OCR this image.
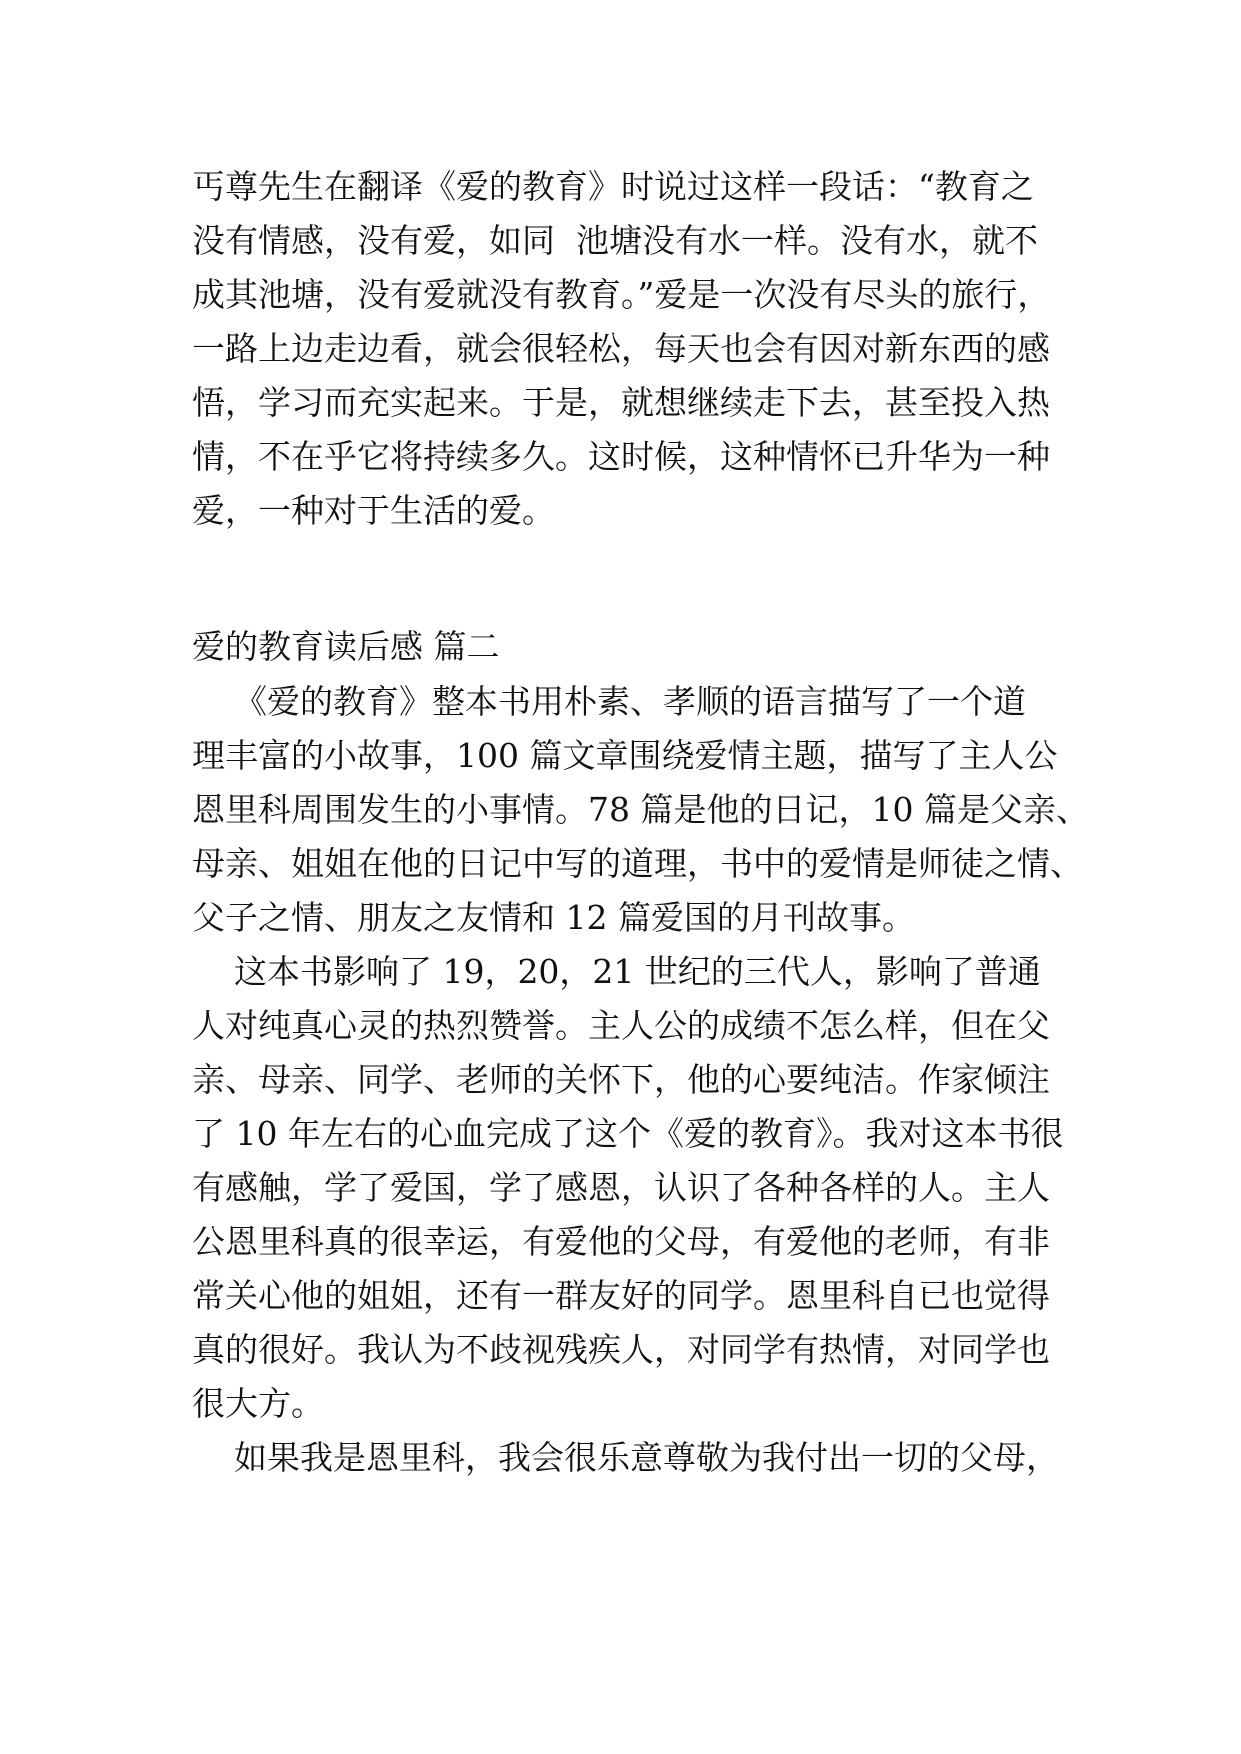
丐尊先生在翻译《爱的教育》时说过这样一段话：“教育之
没有情感，没有爱，如同  池塘没有水一样。没有水，就不
成其池塘，没有爱就没有教育。”爱是一次没有尽头的旅行，
一路上边走边看，就会很轻松，每天也会有因对新东西的感
悟，学习而充实起来。于是，就想继续走下去，甚至投入热
情，不在乎它将持续多久。这时候，这种情怀已升华为一种
爱，一种对于生活的爱。
爱的教育读后感 篇二
《爱的教育》整本书用朴素、孝顺的语言描写了一个道
理丰富的小故事，100 篇文章围绕爱情主题，描写了主人公
恩里科周围发生的小事情。78 篇是他的日记，10 篇是父亲、
母亲、姐姐在他的日记中写的道理，书中的爱情是师徒之情、
父子之情、朋友之友情和 12 篇爱国的月刊故事。
这本书影响了 19，20，21 世纪的三代人，影响了普通
人对纯真心灵的热烈赞誉。主人公的成绩不怎么样，但在父
亲、母亲、同学、老师的关怀下，他的心要纯洁。作家倾注
了 10 年左右的心血完成了这个《爱的教育》。我对这本书很
有感触，学了爱国，学了感恩，认识了各种各样的人。主人
公恩里科真的很幸运，有爱他的父母，有爱他的老师，有非
常关心他的姐姐，还有一群友好的同学。恩里科自已也觉得
真的很好。我认为不歧视残疾人，对同学有热情，对同学也
很大方。
如果我是恩里科，我会很乐意尊敬为我付出一切的父母，
